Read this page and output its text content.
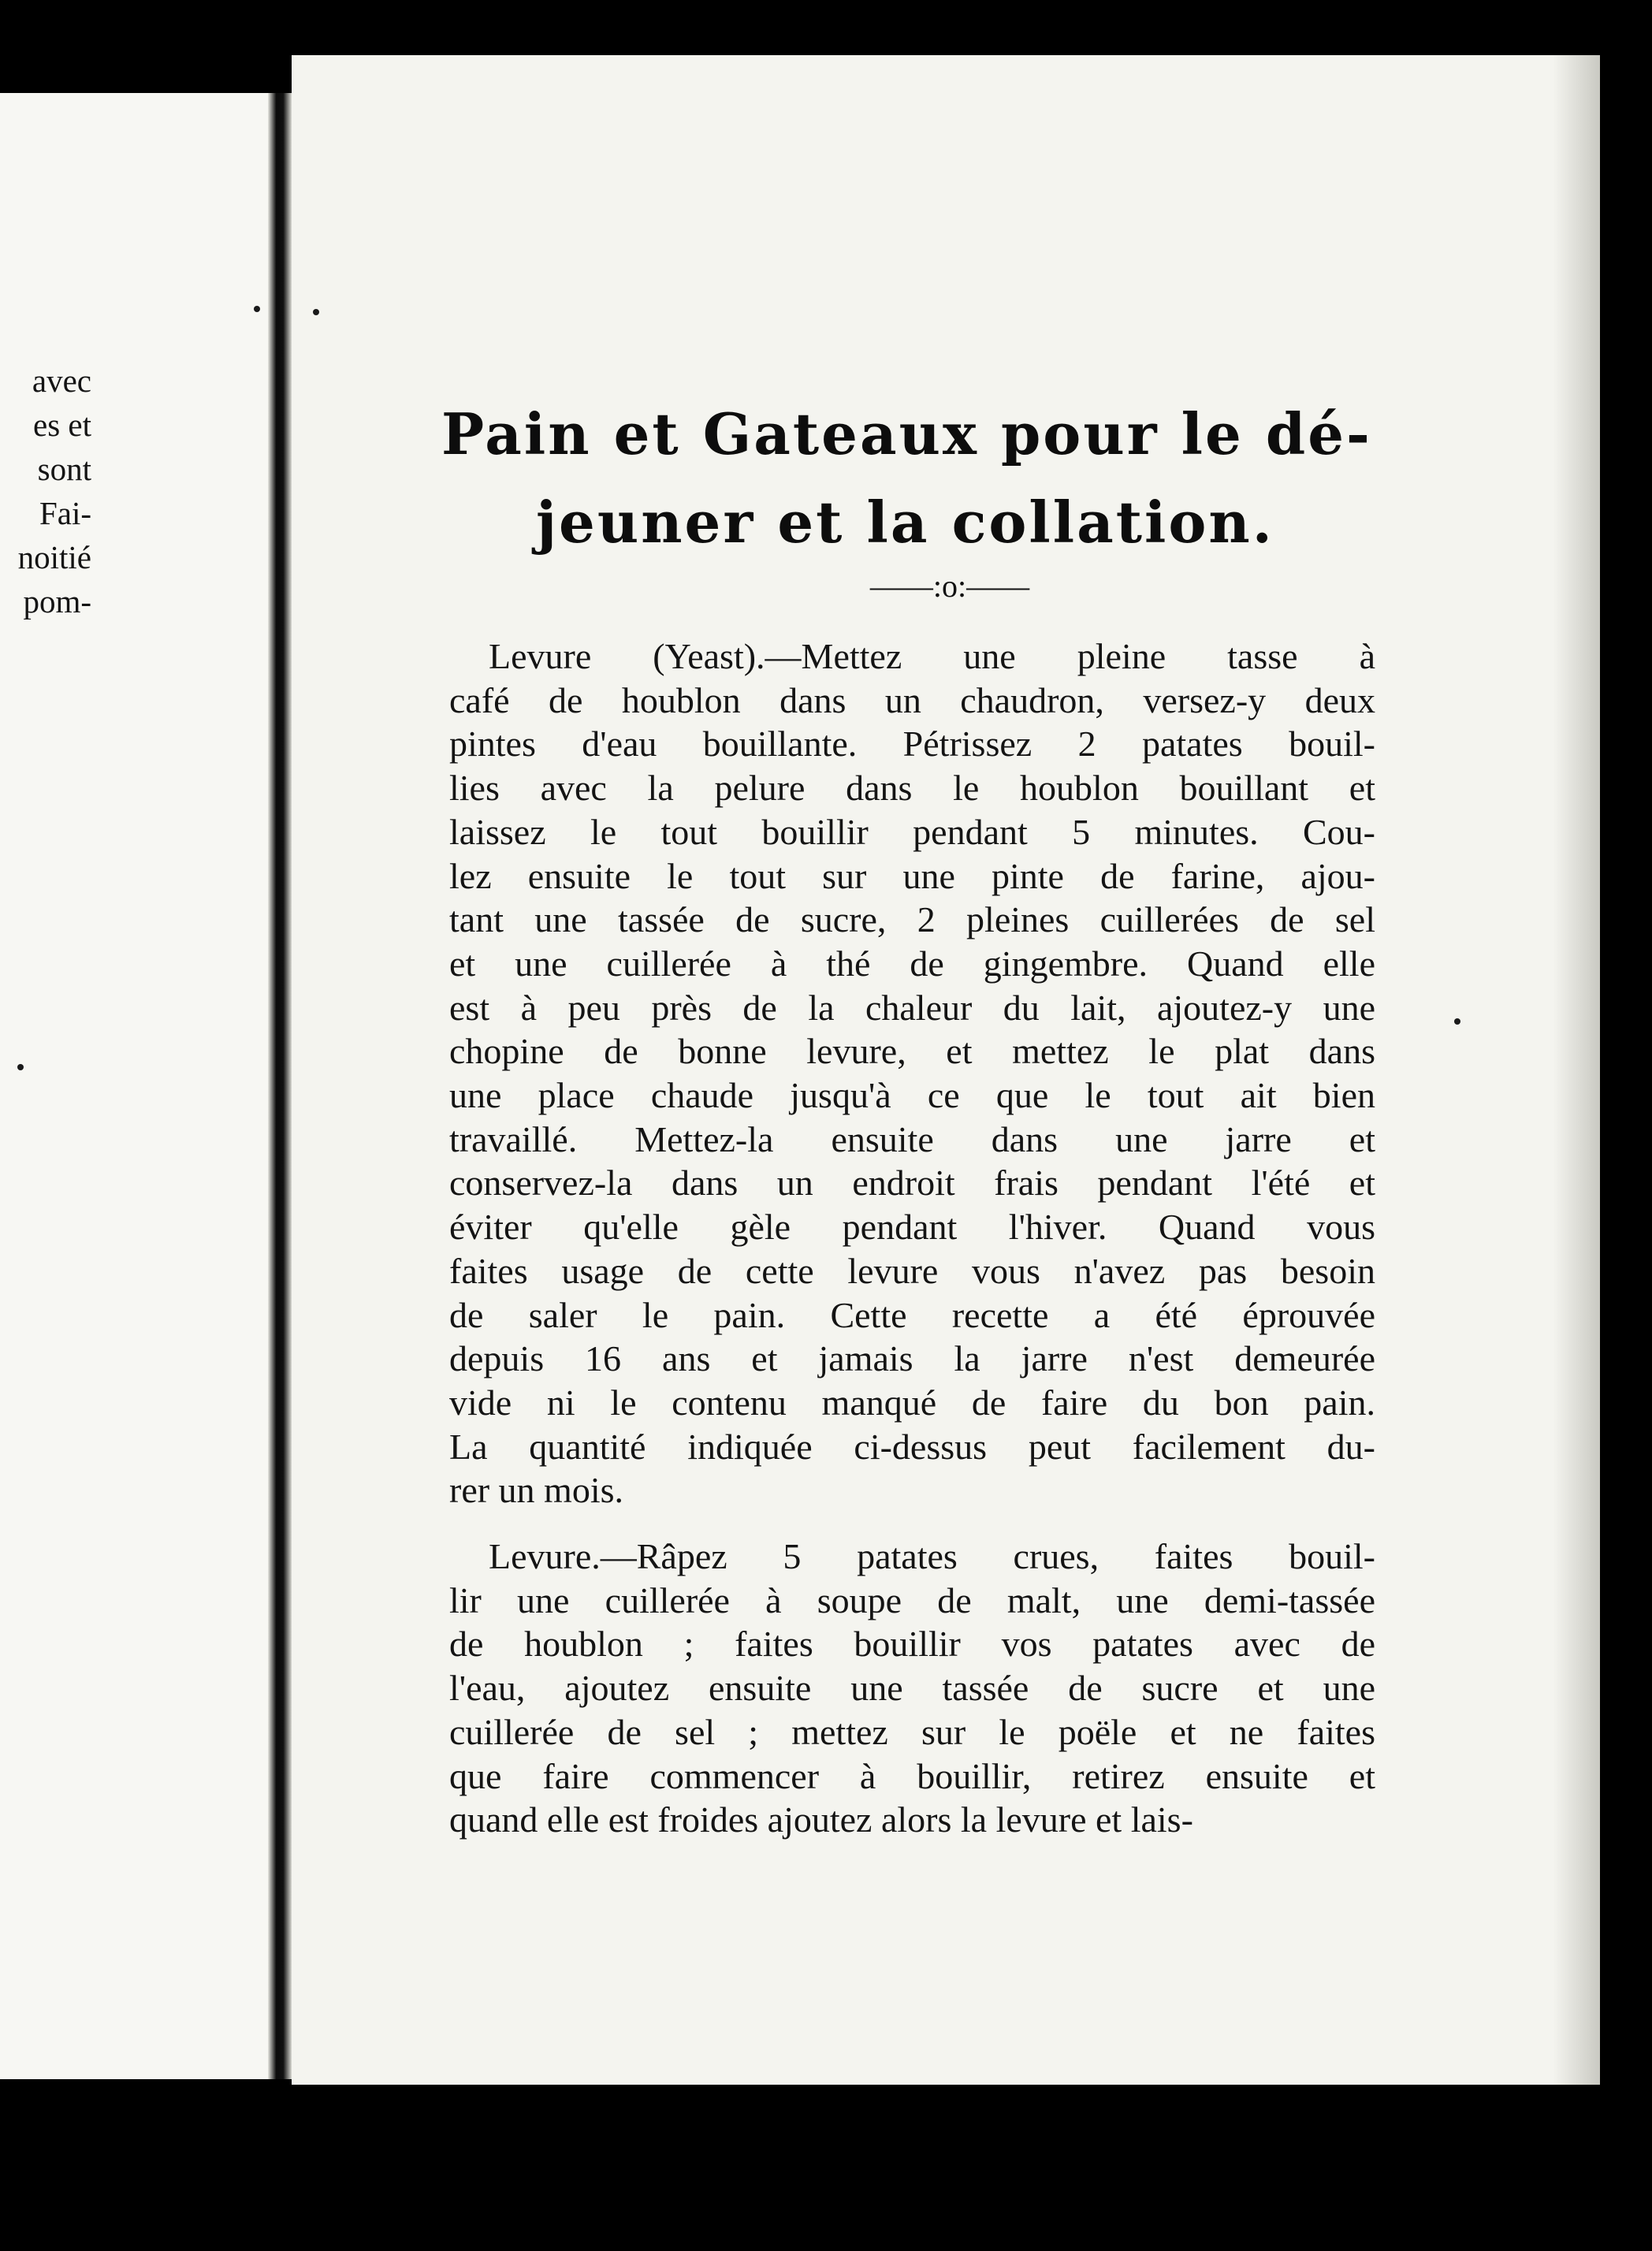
avec
es et
sont
Fai-
noitié
pom-
Pain et Gateaux pour le dé-
jeuner et la collation.
——:o:——
Levure (Yeast).—Mettez une pleine tasse à
café de houblon dans un chaudron, versez-y deux
pintes d'eau bouillante. Pétrissez 2 patates bouil-
lies avec la pelure dans le houblon bouillant et
laissez le tout bouillir pendant 5 minutes. Cou-
lez ensuite le tout sur une pinte de farine, ajou-
tant une tassée de sucre, 2 pleines cuillerées de sel
et une cuillerée à thé de gingembre. Quand elle
est à peu près de la chaleur du lait, ajoutez-y une
chopine de bonne levure, et mettez le plat dans
une place chaude jusqu'à ce que le tout ait bien
travaillé. Mettez-la ensuite dans une jarre et
conservez-la dans un endroit frais pendant l'été et
éviter qu'elle gèle pendant l'hiver. Quand vous
faites usage de cette levure vous n'avez pas besoin
de saler le pain. Cette recette a été éprouvée
depuis 16 ans et jamais la jarre n'est demeurée
vide ni le contenu manqué de faire du bon pain.
La quantité indiquée ci-dessus peut facilement du-
rer un mois.
Levure.—Râpez 5 patates crues, faites bouil-
lir une cuillerée à soupe de malt, une demi-tassée
de houblon ; faites bouillir vos patates avec de
l'eau, ajoutez ensuite une tassée de sucre et une
cuillerée de sel ; mettez sur le poële et ne faites
que faire commencer à bouillir, retirez ensuite et
quand elle est froides ajoutez alors la levure et lais-
